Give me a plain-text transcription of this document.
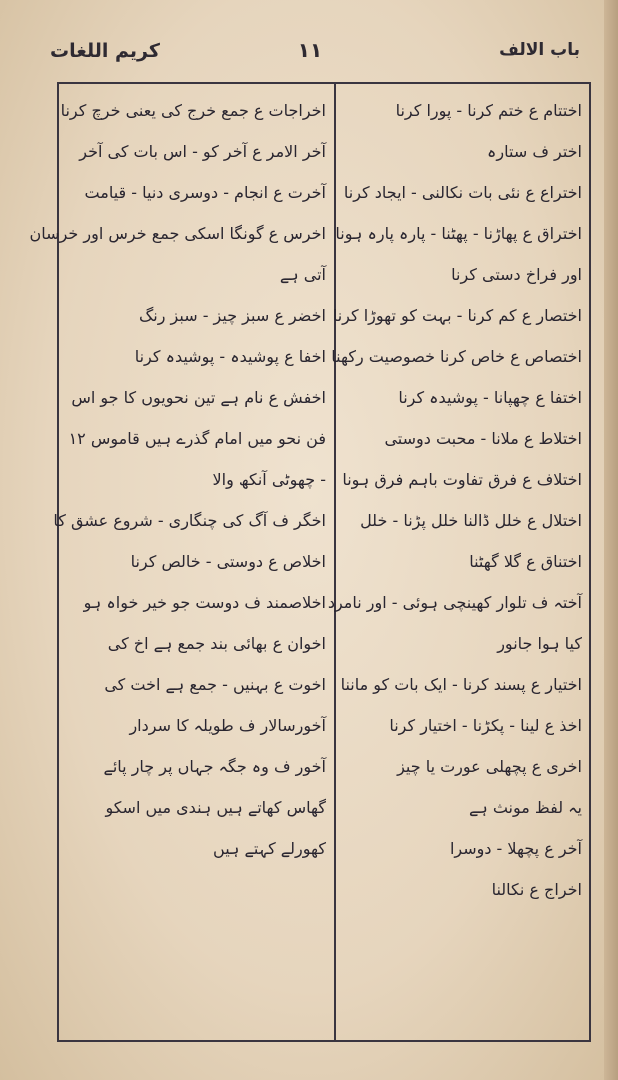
باب الالف
۱۱
کریم اللغات
اختتام ع ختم کرنا - پورا کرنا
اختر ف ستارہ
اختراع ع نئی بات نکالنی - ایجاد کرنا
اختراق ع پھاڑنا - پھٹنا - پارہ پارہ ہونا
اور فراخ دستی کرنا
اختصار ع کم کرنا - بہت کو تھوڑا کرنا
اختصاص ع خاص کرنا خصوصیت رکھنا
اختفا ع چھپانا - پوشیدہ کرنا
اختلاط ع ملانا - محبت دوستی
اختلاف ع فرق تفاوت باہم فرق ہونا
اختلال ع خلل ڈالنا خلل پڑنا - خلل
اختناق ع گلا گھٹنا
آختہ ف تلوار کھینچی ہوئی - اور نامرد
کیا ہوا جانور
اختیار ع پسند کرنا - ایک بات کو ماننا
اخذ ع لینا - پکڑنا - اختیار کرنا
اخری ع پچھلی عورت یا چیز
یہ لفظ مونث ہے
آخر ع پچھلا - دوسرا
اخراج ع نکالنا
اخراجات ع جمع خرج کی یعنی خرچ کرنا
آخر الامر ع آخر کو - اس بات کی آخر
آخرت ع انجام - دوسری دنیا - قیامت
اخرس ع گونگا اسکی جمع خرس اور خرسان
آتی ہے
اخضر ع سبز چیز - سبز رنگ
اخفا ع پوشیدہ - پوشیدہ کرنا
اخفش ع نام ہے تین نحویوں کا جو اس
فن نحو میں امام گذرے ہیں قاموس ۱۲
- چھوٹی آنکھ والا
اخگر ف آگ کی چنگاری - شروع عشق کا
اخلاص ع دوستی - خالص کرنا
اخلاصمند ف دوست جو خیر خواہ ہو
اخوان ع بھائی بند جمع ہے اخ کی
اخوت ع بہنیں - جمع ہے اخت کی
آخورسالار ف طویلہ کا سردار
آخور ف وہ جگہ جہاں پر چار پائے
گھاس کھاتے ہیں ہندی میں اسکو
کھورلے کہتے ہیں
